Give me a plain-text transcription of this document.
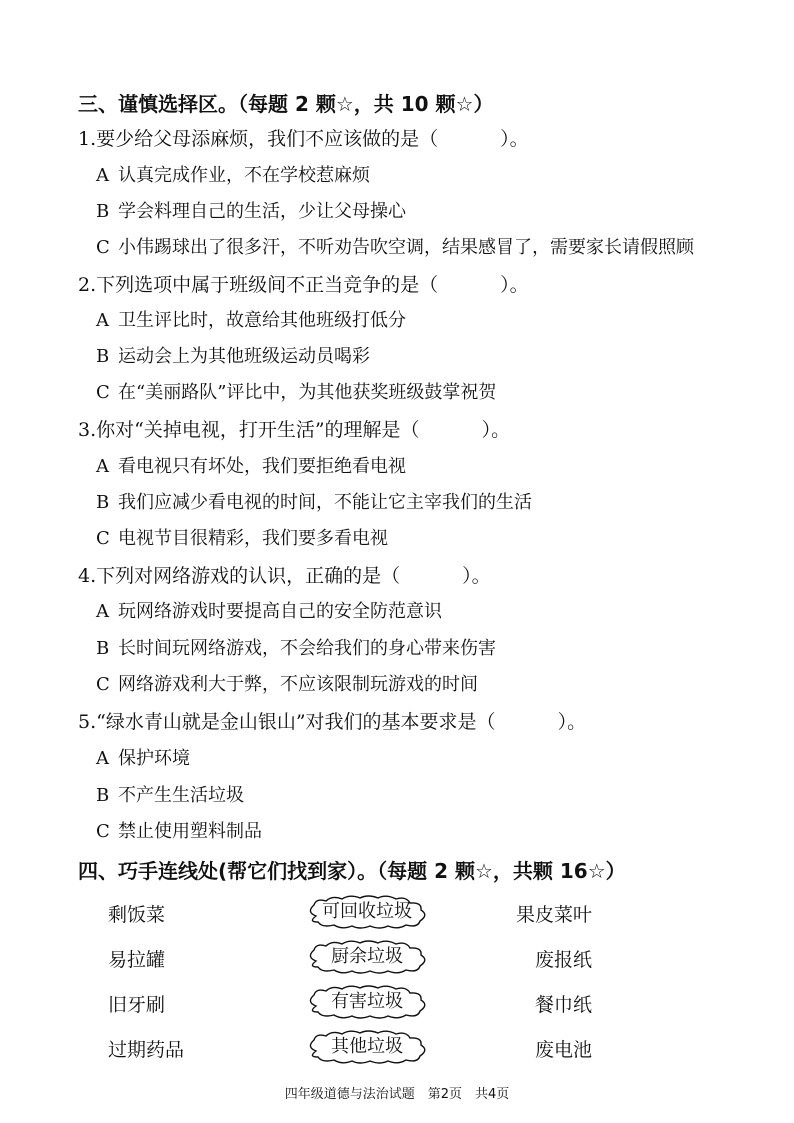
三、谨慎选择区。（每题 2 颗☆，共 10 颗☆）
1.要少给父母添麻烦，我们不应该做的是（	）。
A 认真完成作业，不在学校惹麻烦
B 学会料理自己的生活，少让父母操心
C 小伟踢球出了很多汗，不听劝告吹空调，结果感冒了，需要家长请假照顾
2.下列选项中属于班级间不正当竞争的是（	）。
A 卫生评比时，故意给其他班级打低分
B 运动会上为其他班级运动员喝彩
C 在“美丽路队”评比中，为其他获奖班级鼓掌祝贺
3.你对“关掉电视，打开生活”的理解是（	）。
A 看电视只有坏处，我们要拒绝看电视
B 我们应减少看电视的时间，不能让它主宰我们的生活
C 电视节目很精彩，我们要多看电视
4.下列对网络游戏的认识，正确的是（	）。
A 玩网络游戏时要提高自己的安全防范意识
B 长时间玩网络游戏，不会给我们的身心带来伤害
C 网络游戏利大于弊，不应该限制玩游戏的时间
5.“绿水青山就是金山银山”对我们的基本要求是（	）。
A 保护环境
B 不产生生活垃圾
C 禁止使用塑料制品
四、巧手连线处(帮它们找到家）。（每题 2 颗☆，共颗 16☆）
剩饭菜	可回收垃圾	果皮菜叶
易拉罐	厨余垃圾	废报纸
旧牙刷	有害垃圾	餐巾纸
过期药品	其他垃圾	废电池
四年级道德与法治试题　第2页　共4页
